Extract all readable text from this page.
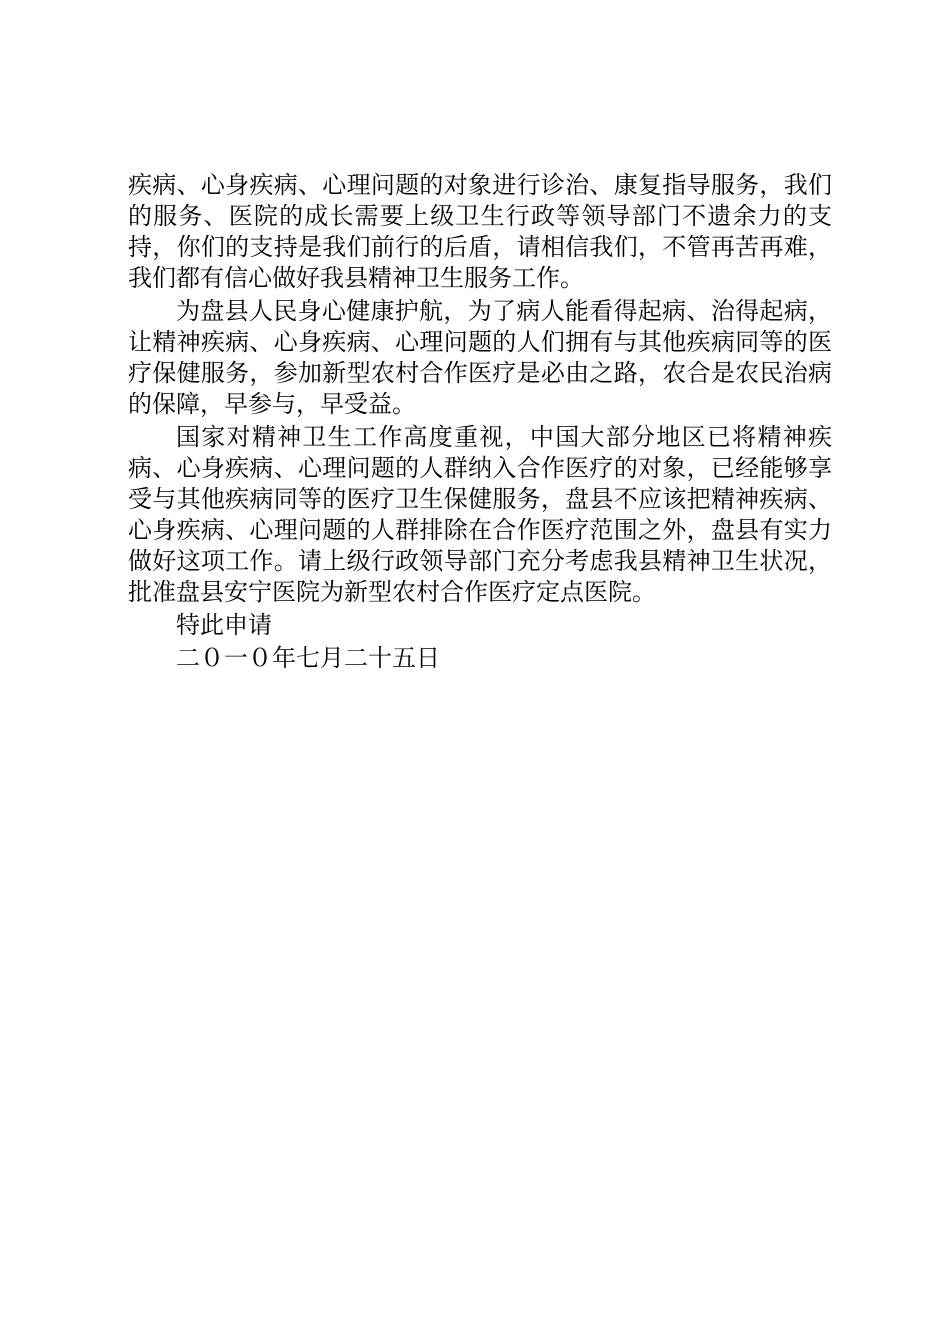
疾病、心身疾病、心理问题的对象进行诊治、康复指导服务，我们的服务、医院的成长需要上级卫生行政等领导部门不遗余力的支持，你们的支持是我们前行的后盾，请相信我们，不管再苦再难，我们都有信心做好我县精神卫生服务工作。

为盘县人民身心健康护航，为了病人能看得起病、治得起病，让精神疾病、心身疾病、心理问题的人们拥有与其他疾病同等的医疗保健服务，参加新型农村合作医疗是必由之路，农合是农民治病的保障，早参与，早受益。

国家对精神卫生工作高度重视，中国大部分地区已将精神疾病、心身疾病、心理问题的人群纳入合作医疗的对象，已经能够享受与其他疾病同等的医疗卫生保健服务，盘县不应该把精神疾病、心身疾病、心理问题的人群排除在合作医疗范围之外，盘县有实力做好这项工作。请上级行政领导部门充分考虑我县精神卫生状况，批准盘县安宁医院为新型农村合作医疗定点医院。

特此申请

二０一０年七月二十五日
